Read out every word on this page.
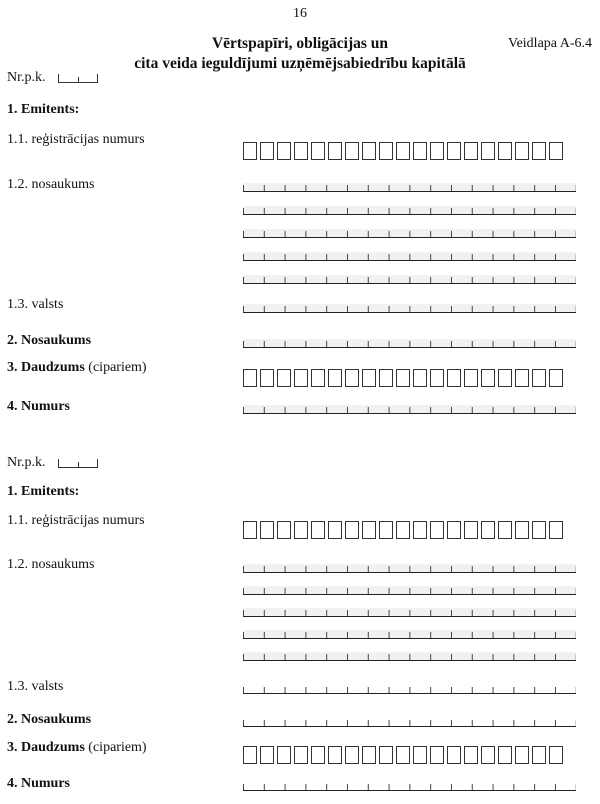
16
Vērtspapīri, obligācijas un
cita veida ieguldījumi uzņēmējsabiedrību kapitālā
Veidlapa A-6.4
Nr.p.k.
1. Emitents:
1.1. reģistrācijas numurs
1.2. nosaukums
1.3. valsts
2. Nosaukums
3. Daudzums (cipariem)
4. Numurs
Nr.p.k.
1. Emitents:
1.1. reģistrācijas numurs
1.2. nosaukums
1.3. valsts
2. Nosaukums
3. Daudzums (cipariem)
4. Numurs
